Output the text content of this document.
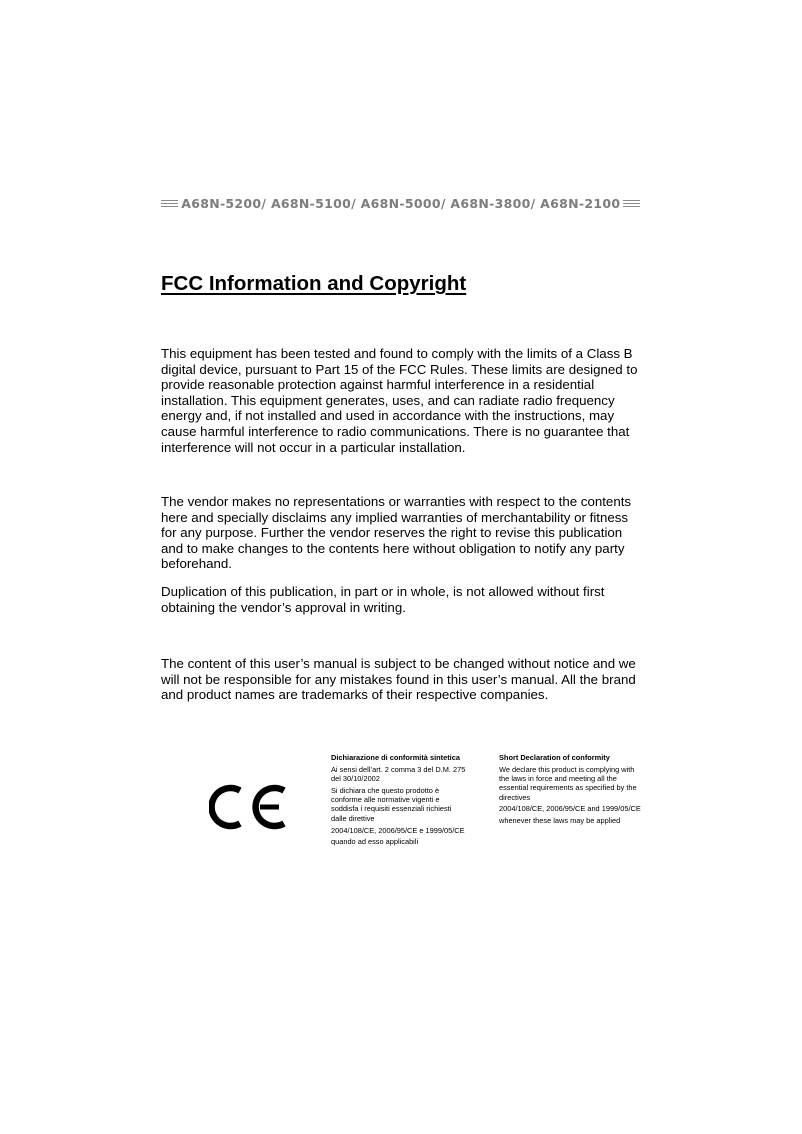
A68N-5200/ A68N-5100/ A68N-5000/ A68N-3800/ A68N-2100
FCC Information and Copyright

This equipment has been tested and found to comply with the limits of a Class B digital device, pursuant to Part 15 of the FCC Rules. These limits are designed to provide reasonable protection against harmful interference in a residential installation. This equipment generates, uses, and can radiate radio frequency energy and, if not installed and used in accordance with the instructions, may cause harmful interference to radio communications. There is no guarantee that interference will not occur in a particular installation.

The vendor makes no representations or warranties with respect to the contents here and specially disclaims any implied warranties of merchantability or fitness for any purpose. Further the vendor reserves the right to revise this publication and to make changes to the contents here without obligation to notify any party beforehand.

Duplication of this publication, in part or in whole, is not allowed without first obtaining the vendor’s approval in writing.

The content of this user’s manual is subject to be changed without notice and we will not be responsible for any mistakes found in this user’s manual. All the brand and product names are trademarks of their respective companies.

Dichiarazione di conformità sintetica

Ai sensi dell’art. 2 comma 3 del D.M. 275 del 30/10/2002

Si dichiara che questo prodotto è conforme alle normative vigenti e soddisfa i requisiti essenziali richiesti dalle direttive

2004/108/CE, 2006/95/CE e 1999/05/CE

quando ad esso applicabili

Short Declaration of conformity

We declare this product is complying with the laws in force and meeting all the essential requirements as specified by the directives

2004/108/CE, 2006/95/CE and 1999/05/CE

whenever these laws may be applied
